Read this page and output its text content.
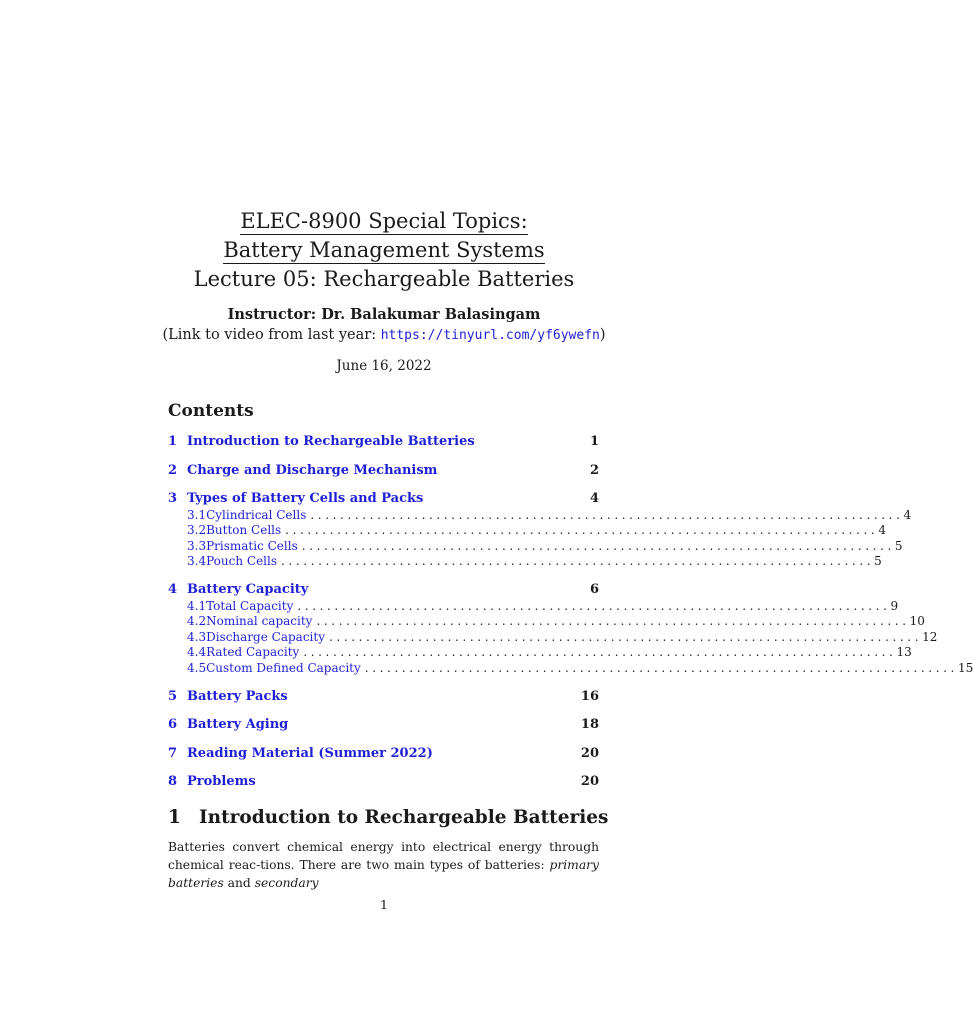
ELEC-8900 Special Topics:
Battery Management Systems
Lecture 05: Rechargeable Batteries
Instructor: Dr. Balakumar Balasingam
(Link to video from last year: https://tinyurl.com/yf6ywefn)
June 16, 2022
Contents
1 Introduction to Rechargeable Batteries	1
2 Charge and Discharge Mechanism	2
3 Types of Battery Cells and Packs	4
3.1 Cylindrical Cells ................................................................................ 4
3.2 Button Cells ................................................................................ 4
3.3 Prismatic Cells ................................................................................ 5
3.4 Pouch Cells ................................................................................ 5
4 Battery Capacity	6
4.1 Total Capacity ................................................................................ 9
4.2 Nominal capacity ................................................................................ 10
4.3 Discharge Capacity ................................................................................ 12
4.4 Rated Capacity ................................................................................ 13
4.5 Custom Defined Capacity ................................................................................ 15
5 Battery Packs	16
6 Battery Aging	18
7 Reading Material (Summer 2022)	20
8 Problems	20
1 Introduction to Rechargeable Batteries
Batteries convert chemical energy into electrical energy through chemical reac-tions. There are two main types of batteries: primary batteries and secondary
1
